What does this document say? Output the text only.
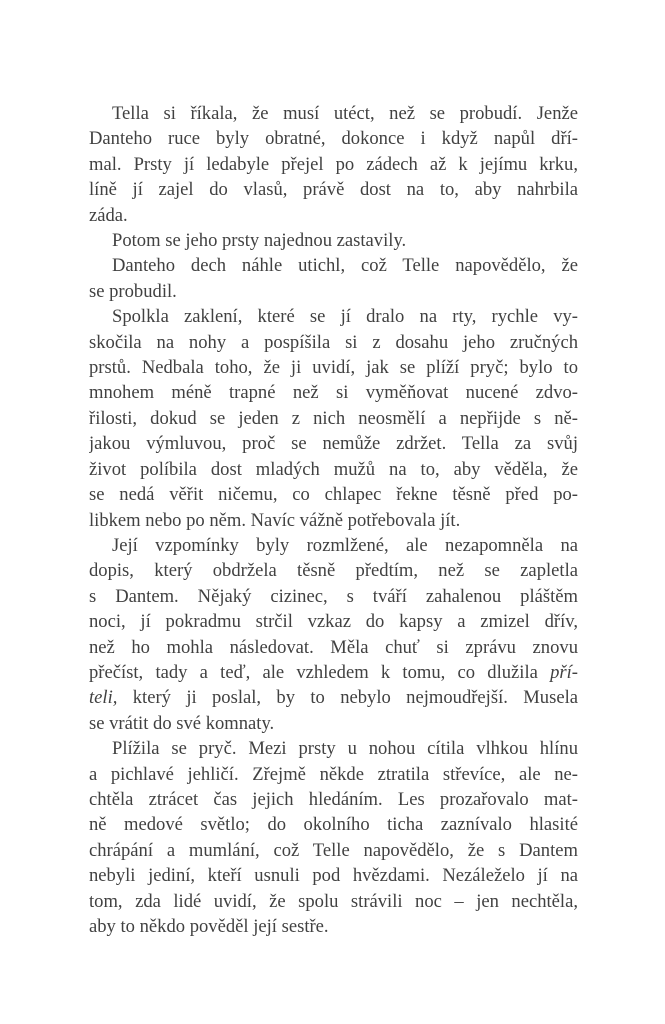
Tella si říkala, že musí utéct, než se probudí. Jenže
Danteho ruce byly obratné, dokonce i když napůl dří-
mal. Prsty jí ledabyle přejel po zádech až k jejímu krku,
líně jí zajel do vlasů, právě dost na to, aby nahrbila
záda.
Potom se jeho prsty najednou zastavily.
Danteho dech náhle utichl, což Telle napovědělo, že
se probudil.
Spolkla zaklení, které se jí dralo na rty, rychle vy-
skočila na nohy a pospíšila si z dosahu jeho zručných
prstů. Nedbala toho, že ji uvidí, jak se plíží pryč; bylo to
mnohem méně trapné než si vyměňovat nucené zdvo-
řilosti, dokud se jeden z nich neosmělí a nepřijde s ně-
jakou výmluvou, proč se nemůže zdržet. Tella za svůj
život políbila dost mladých mužů na to, aby věděla, že
se nedá věřit ničemu, co chlapec řekne těsně před po-
libkem nebo po něm. Navíc vážně potřebovala jít.
Její vzpomínky byly rozmlžené, ale nezapomněla na
dopis, který obdržela těsně předtím, než se zapletla
s Dantem. Nějaký cizinec, s tváří zahalenou pláštěm
noci, jí pokradmu strčil vzkaz do kapsy a zmizel dřív,
než ho mohla následovat. Měla chuť si zprávu znovu
přečíst, tady a teď, ale vzhledem k tomu, co dlužila pří-
teli, který ji poslal, by to nebylo nejmoudřejší. Musela
se vrátit do své komnaty.
Plížila se pryč. Mezi prsty u nohou cítila vlhkou hlínu
a pichlavé jehličí. Zřejmě někde ztratila střevíce, ale ne-
chtěla ztrácet čas jejich hledáním. Les prozařovalo mat-
ně medové světlo; do okolního ticha zaznívalo hlasité
chrápání a mumlání, což Telle napovědělo, že s Dantem
nebyli jediní, kteří usnuli pod hvězdami. Nezáleželo jí na
tom, zda lidé uvidí, že spolu strávili noc – jen nechtěla,
aby to někdo pověděl její sestře.
